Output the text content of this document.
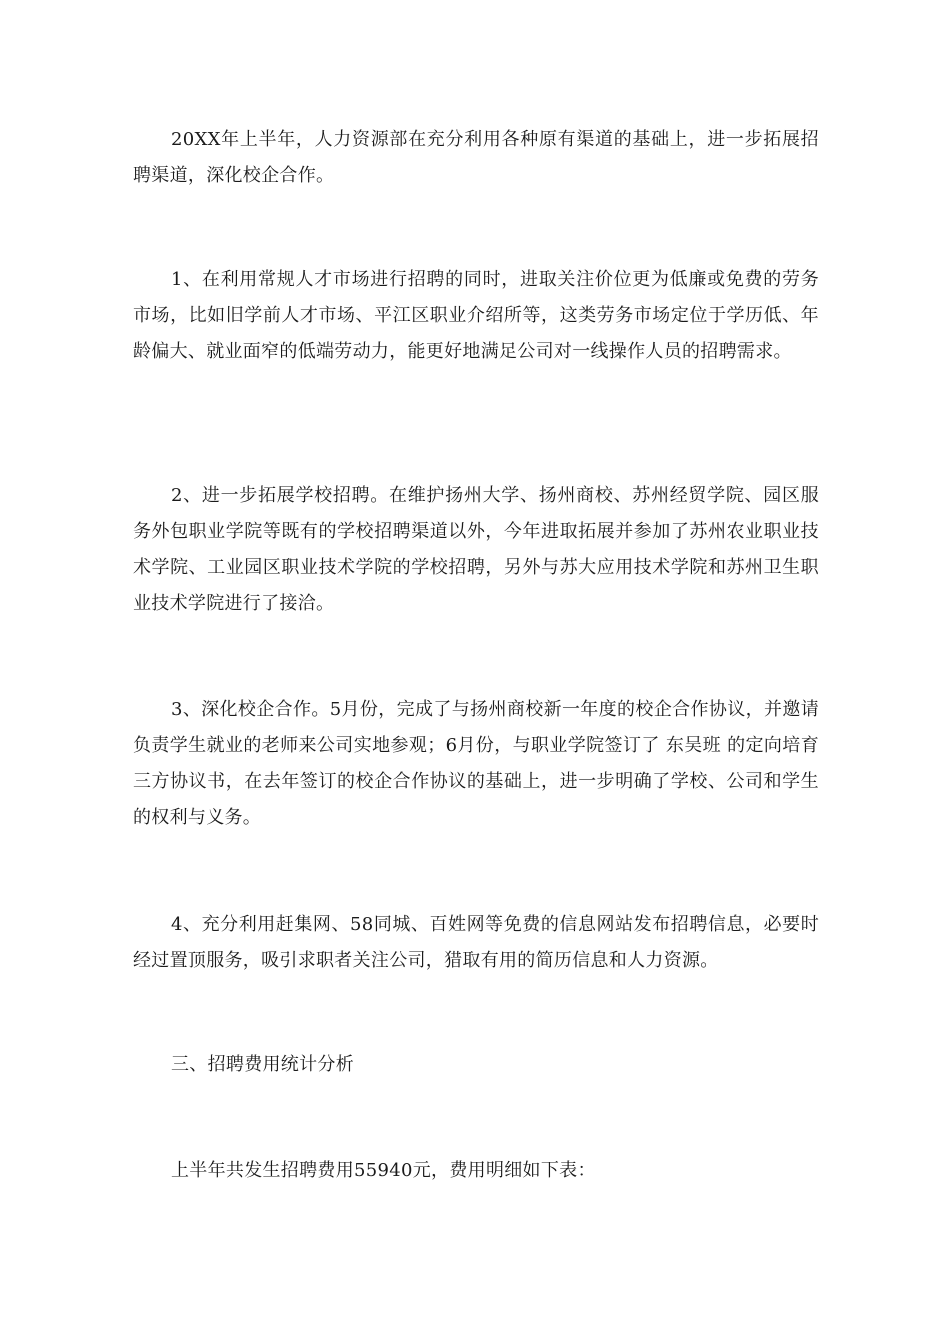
20XX年上半年，人力资源部在充分利用各种原有渠道的基础上，进一步拓展招聘渠道，深化校企合作。

1、在利用常规人才市场进行招聘的同时，进取关注价位更为低廉或免费的劳务市场，比如旧学前人才市场、平江区职业介绍所等，这类劳务市场定位于学历低、年龄偏大、就业面窄的低端劳动力，能更好地满足公司对一线操作人员的招聘需求。

2、进一步拓展学校招聘。在维护扬州大学、扬州商校、苏州经贸学院、园区服务外包职业学院等既有的学校招聘渠道以外，今年进取拓展并参加了苏州农业职业技术学院、工业园区职业技术学院的学校招聘，另外与苏大应用技术学院和苏州卫生职业技术学院进行了接洽。

3、深化校企合作。5月份，完成了与扬州商校新一年度的校企合作协议，并邀请负责学生就业的老师来公司实地参观；6月份，与职业学院签订了 东吴班 的定向培育三方协议书，在去年签订的校企合作协议的基础上，进一步明确了学校、公司和学生的权利与义务。

4、充分利用赶集网、58同城、百姓网等免费的信息网站发布招聘信息，必要时经过置顶服务，吸引求职者关注公司，猎取有用的简历信息和人力资源。

三、招聘费用统计分析

上半年共发生招聘费用55940元，费用明细如下表：
